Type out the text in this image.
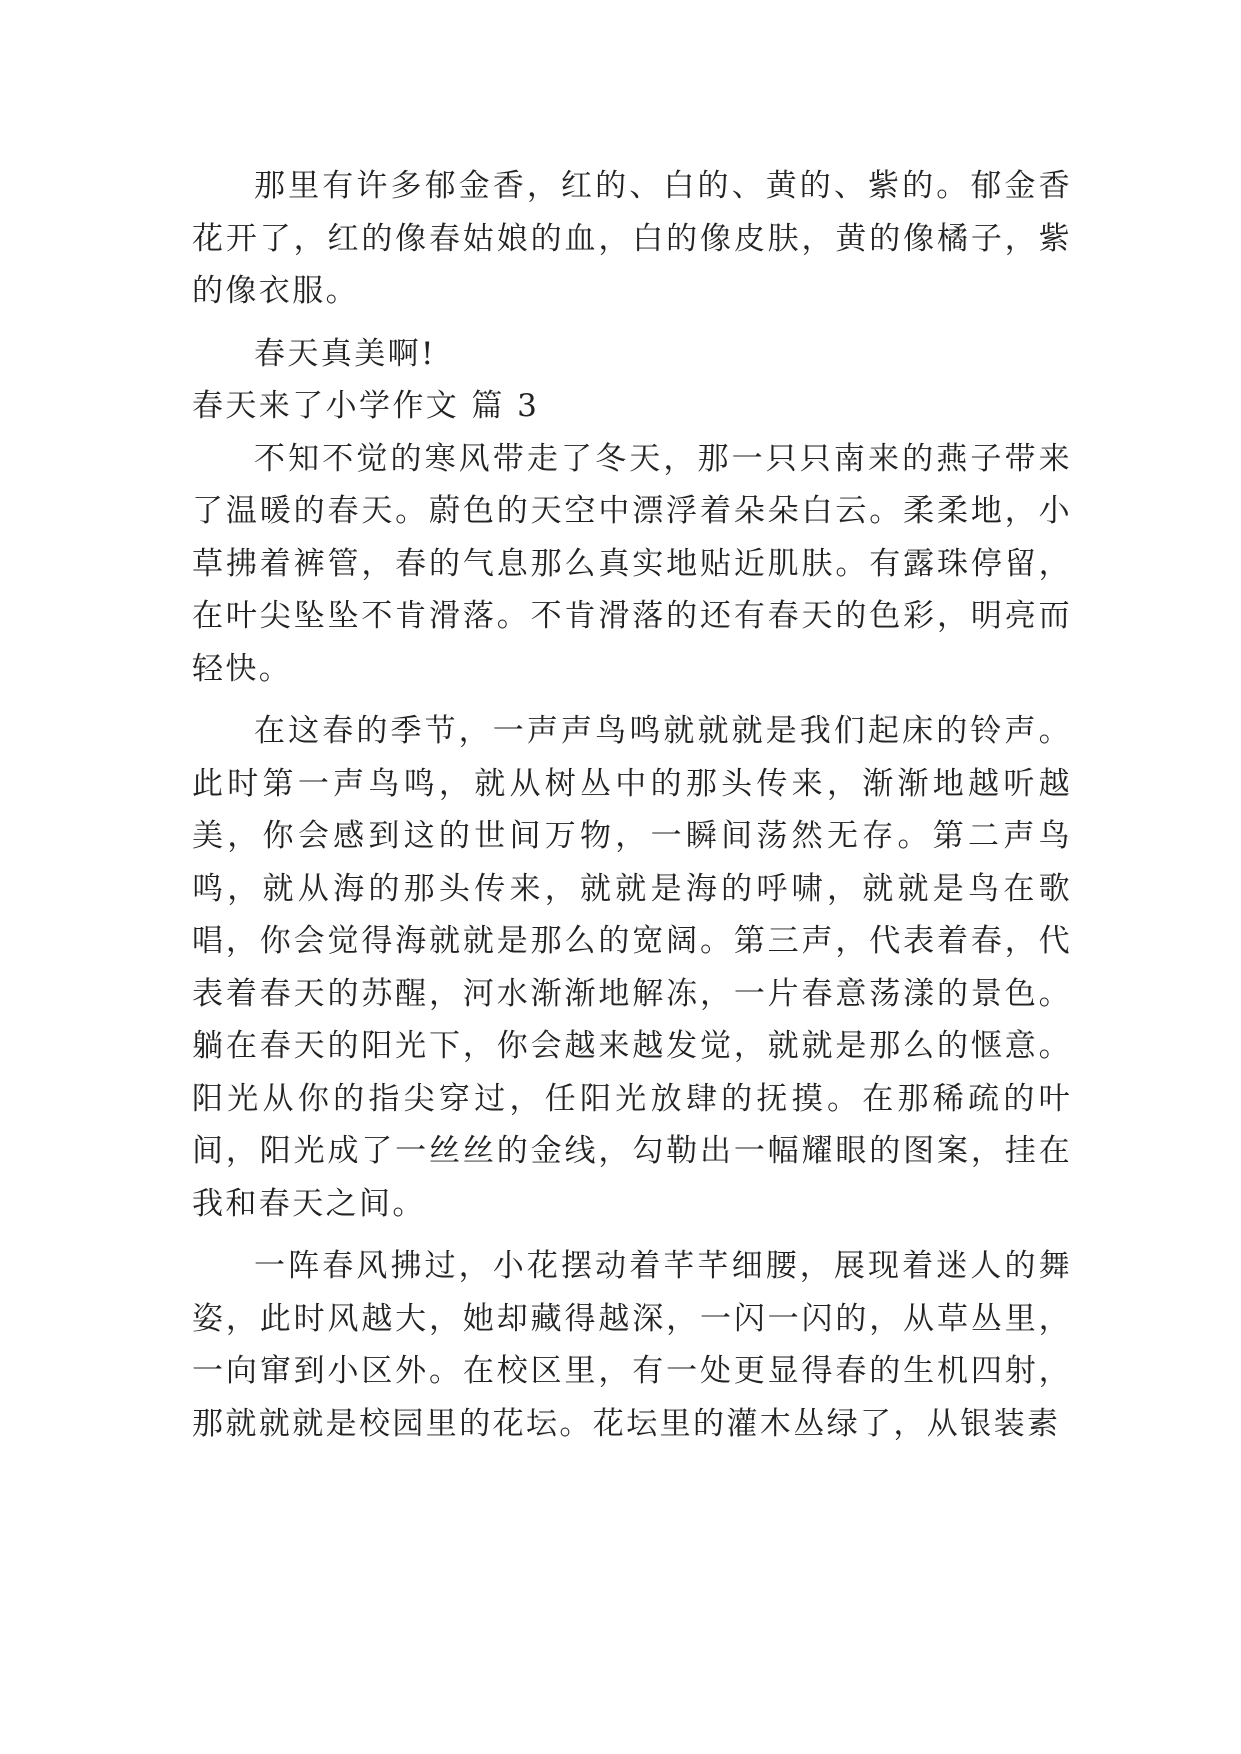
那里有许多郁金香，红的、白的、黄的、紫的。郁金香花开了，红的像春姑娘的血，白的像皮肤，黄的像橘子，紫的像衣服。

春天真美啊!

春天来了小学作文 篇 3

不知不觉的寒风带走了冬天，那一只只南来的燕子带来了温暖的春天。蔚色的天空中漂浮着朵朵白云。柔柔地，小草拂着裤管，春的气息那么真实地贴近肌肤。有露珠停留，在叶尖坠坠不肯滑落。不肯滑落的还有春天的色彩，明亮而轻快。

在这春的季节，一声声鸟鸣就就就是我们起床的铃声。此时第一声鸟鸣，就从树丛中的那头传来，渐渐地越听越美，你会感到这的世间万物，一瞬间荡然无存。第二声鸟鸣，就从海的那头传来，就就是海的呼啸，就就是鸟在歌唱，你会觉得海就就是那么的宽阔。第三声，代表着春，代表着春天的苏醒，河水渐渐地解冻，一片春意荡漾的景色。躺在春天的阳光下，你会越来越发觉，就就是那么的惬意。阳光从你的指尖穿过，任阳光放肆的抚摸。在那稀疏的叶间，阳光成了一丝丝的金线，勾勒出一幅耀眼的图案，挂在我和春天之间。

一阵春风拂过，小花摆动着芊芊细腰，展现着迷人的舞姿，此时风越大，她却藏得越深，一闪一闪的，从草丛里，一向窜到小区外。在校区里，有一处更显得春的生机四射，那就就就是校园里的花坛。花坛里的灌木丛绿了，从银装素
